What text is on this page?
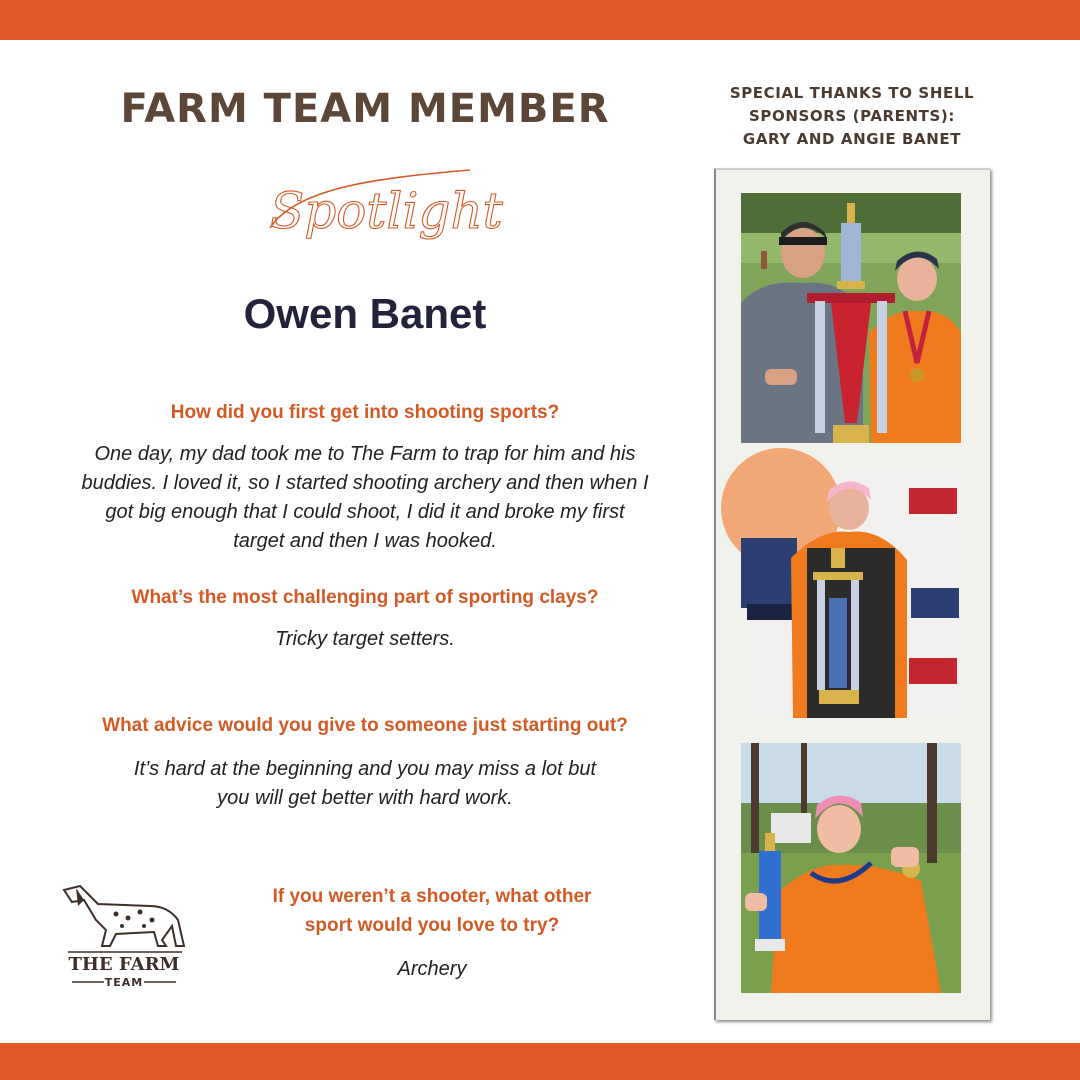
FARM TEAM MEMBER
Spotlight
Owen Banet

How did you first get into shooting sports?

One day, my dad took me to The Farm to trap for him and his

buddies. I loved it, so I started shooting archery and then when I

got big enough that I could shoot, I did it and broke my first

target and then I was hooked.

What’s the most challenging part of sporting clays?

Tricky target setters.

What advice would you give to someone just starting out?

It’s hard at the beginning and you may miss a lot but

you will get better with hard work.

If you weren’t a shooter, what other

sport would you love to try?

Archery

SPECIAL THANKS TO SHELL
SPONSORS (PARENTS):
GARY AND ANGIE BANET
THE FARM
TEAM
